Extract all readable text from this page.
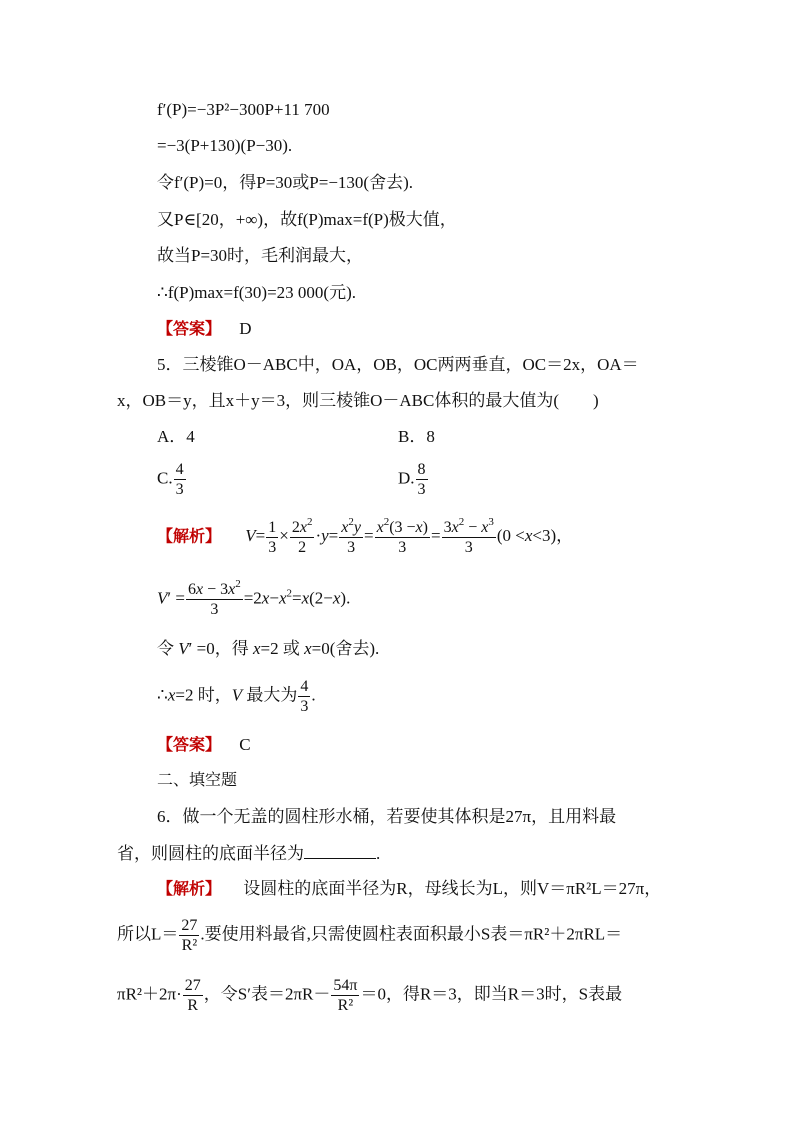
f′(P)=−3P²−300P+11 700
=−3(P+130)(P−30).
令f′(P)=0，得P=30或P=−130(舍去).
又P∈[20，+∞)，故f(P)max=f(P)极大值，
故当P=30时，毛利润最大，
∴f(P)max=f(30)=23 000(元).
【答案】 D
5．三棱锥O－ABC中，OA，OB，OC两两垂直，OC＝2x，OA＝
x，OB＝y，且x＋y＝3，则三棱锥O－ABC体积的最大值为(　　)
A．4	B．8
C. $\frac{4}{3}$	D. $\frac{8}{3}$
【解析】 $V= \frac{1}{3} \times \frac{2x^2}{2} \cdot y= \frac{x^2y}{3} = \frac{x^2(3 -x)}{3} = \frac{3x^2 - x^3}{3} (0 <x<3)$，
$V' = \frac{6x - 3x^2}{3} =2x-x^2=x(2-x)$.
令 V′ =0，得 x=2 或 x=0(舍去).
∴x=2 时，V 最大为 $\frac{4}{3}$ .
【答案】 C
二、填空题
6．做一个无盖的圆柱形水桶，若要使其体积是27π，且用料最
省，则圆柱的底面半径为	.
【解析】 设圆柱的底面半径为R，母线长为L，则V＝πR²L＝27π，
所以$L= \frac{27}{\text{R²}}$ .要使用料最省,只需使圆柱表面积最小S表＝πR²＋2πRL＝
$\pi R^2+2\pi\cdot \frac{27}{R}$ ，令S′表$=2\pi R- \frac{54\pi}{\text{R²}} =0$，得R＝3，即当R＝3时，S表最
